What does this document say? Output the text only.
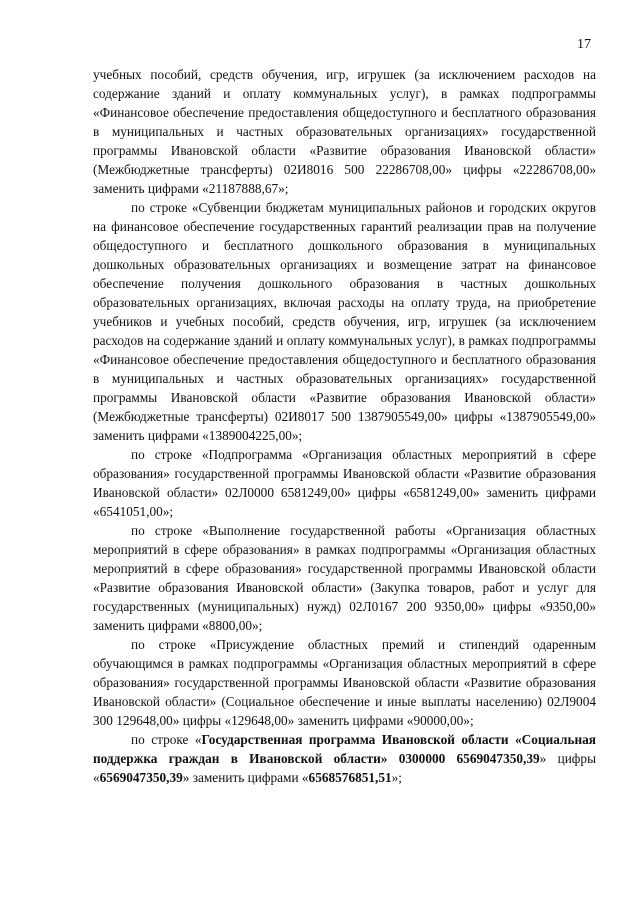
17

учебных пособий, средств обучения, игр, игрушек (за исключением расходов на содержание зданий и оплату коммунальных услуг), в рамках подпрограммы «Финансовое обеспечение предоставления общедоступного и бесплатного образования в муниципальных и частных образовательных организациях» государственной программы Ивановской области «Развитие образования Ивановской области» (Межбюджетные трансферты) 02И8016 500 22286708,00» цифры «22286708,00» заменить цифрами «21187888,67»;

по строке «Субвенции бюджетам муниципальных районов и городских округов на финансовое обеспечение государственных гарантий реализации прав на получение общедоступного и бесплатного дошкольного образования в муниципальных дошкольных образовательных организациях и возмещение затрат на финансовое обеспечение получения дошкольного образования в частных дошкольных образовательных организациях, включая расходы на оплату труда, на приобретение учебников и учебных пособий, средств обучения, игр, игрушек (за исключением расходов на содержание зданий и оплату коммунальных услуг), в рамках подпрограммы «Финансовое обеспечение предоставления общедоступного и бесплатного образования в муниципальных и частных образовательных организациях» государственной программы Ивановской области «Развитие образования Ивановской области» (Межбюджетные трансферты) 02И8017 500 1387905549,00» цифры «1387905549,00» заменить цифрами «1389004225,00»;

по строке «Подпрограмма «Организация областных мероприятий в сфере образования» государственной программы Ивановской области «Развитие образования Ивановской области» 02Л0000 6581249,00» цифры «6581249,00» заменить цифрами «6541051,00»;

по строке «Выполнение государственной работы «Организация областных мероприятий в сфере образования» в рамках подпрограммы «Организация областных мероприятий в сфере образования» государственной программы Ивановской области «Развитие образования Ивановской области» (Закупка товаров, работ и услуг для государственных (муниципальных) нужд) 02Л0167 200 9350,00» цифры «9350,00» заменить цифрами «8800,00»;

по строке «Присуждение областных премий и стипендий одаренным обучающимся в рамках подпрограммы «Организация областных мероприятий в сфере образования» государственной программы Ивановской области «Развитие образования Ивановской области» (Социальное обеспечение и иные выплаты населению) 02Л9004 300 129648,00» цифры «129648,00» заменить цифрами «90000,00»;

по строке «Государственная программа Ивановской области «Социальная поддержка граждан в Ивановской области» 0300000 6569047350,39» цифры «6569047350,39» заменить цифрами «6568576851,51»;
